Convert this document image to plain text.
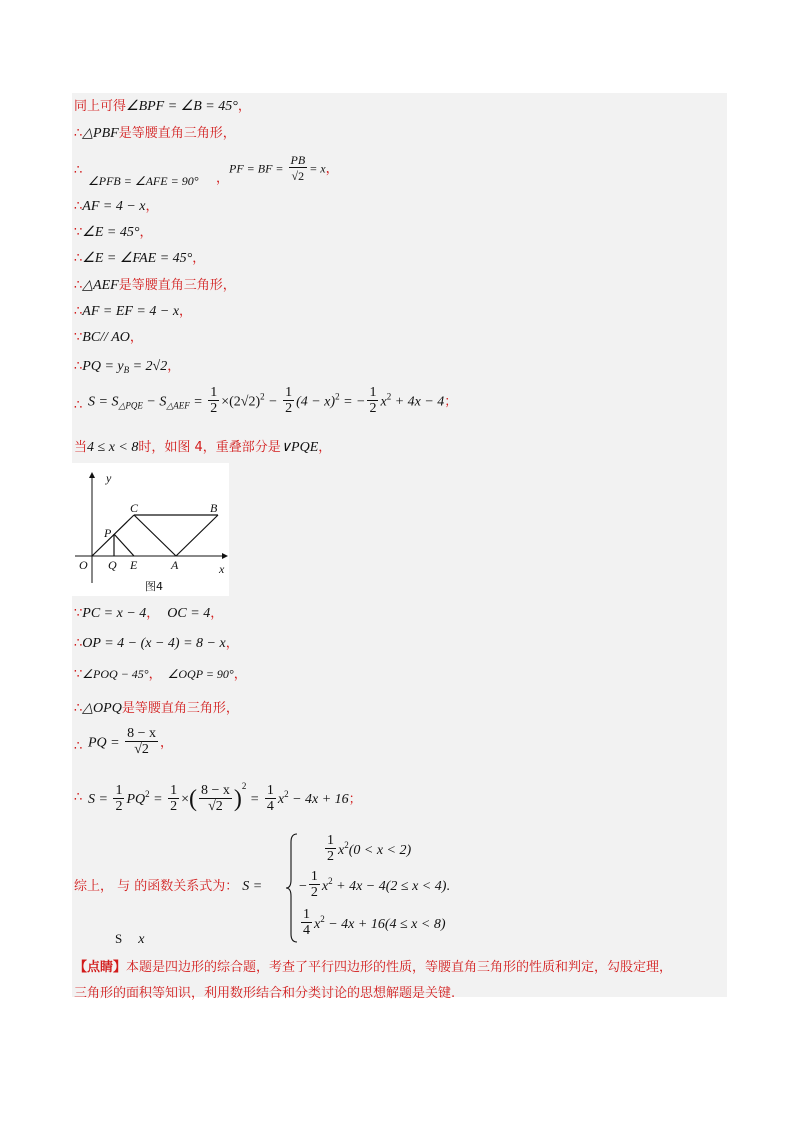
同上可得∠BPF = ∠B = 45°，
∴△PBF是等腰直角三角形，
∴
∠PFB = ∠AFE = 90° ，
PF = BF = $\frac{PB}{√2} = x$，
∴AF = 4 − x，
∵∠E = 45°，
∴∠E = ∠FAE = 45°，
∴△AEF是等腰直角三角形，
∴AF = EF = 4 − x，
∵BC// AO，
∴PQ = $y_B = 2√2$，
∴ $S = S_{\triangle PQE} - S_{\triangle AEF} = \frac{1}{2} \times(2√2)^2 - \frac{1}{2} (4 - x)^2$ = − $\frac{1}{2} x^2 + 4x - 4$；
当4 ≤ x < 8时，如图 4，重叠部分是∨PQE，
y
x
O
P
Q E	A
C	B
图4
∵PC = x − 4， OC = 4，
∴OP = 4 − (x − 4) = 8 − x，
∵∠POQ − 45°， ∠OQP = 90°，
∴△OPQ是等腰直角三角形，
∴ PQ = $\frac{8 - x}{√2}$ ，
∴ $S = \frac{1}{2} PQ^2 = \frac{1}{2}$ ×( $\frac{8 - x}{√2} )^2 = \frac{1}{4} x^2 - 4x + 16$；
综上， 与 的函数关系式为： S =
$\frac{1}{2} x^2(0 < x < 2)$
− $\frac{1}{2} x^2 + 4x - 4(2 \le x < 4)$.
$\frac{1}{4} x^2 - 4x + 16(4 \le x < 8)$
S x
【点睛】本题是四边形的综合题，考查了平行四边形的性质，等腰直角三角形的性质和判定，勾股定理，
三角形的面积等知识，利用数形结合和分类讨论的思想解题是关键.
